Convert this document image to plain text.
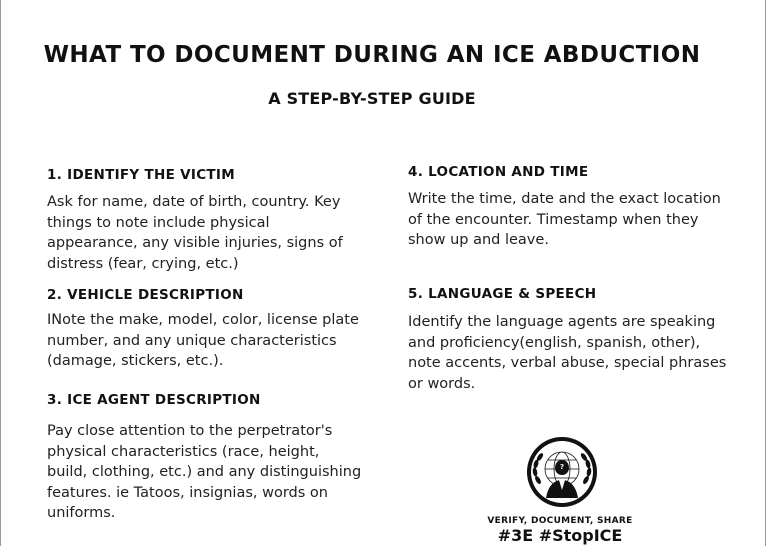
WHAT TO DOCUMENT DURING AN ICE ABDUCTION
A STEP-BY-STEP GUIDE
1. IDENTIFY THE VICTIM
Ask for name, date of birth, country. Key things to note include physical appearance, any visible injuries, signs of distress (fear, crying, etc.)
2. VEHICLE DESCRIPTION
INote the make, model, color, license plate number, and any unique characteristics (damage, stickers, etc.).
3. ICE AGENT DESCRIPTION
Pay close attention to the perpetrator's physical characteristics (race, height, build, clothing, etc.) and any distinguishing features. ie Tatoos, insignias, words on uniforms.
4. LOCATION AND TIME
Write the time, date and the exact location of the encounter. Timestamp when they show up and leave.
5. LANGUAGE & SPEECH
Identify the language agents are speaking and proficiency(english, spanish, other), note accents, verbal abuse, special phrases or words.
?
VERIFY, DOCUMENT, SHARE
#3E #StopICE
